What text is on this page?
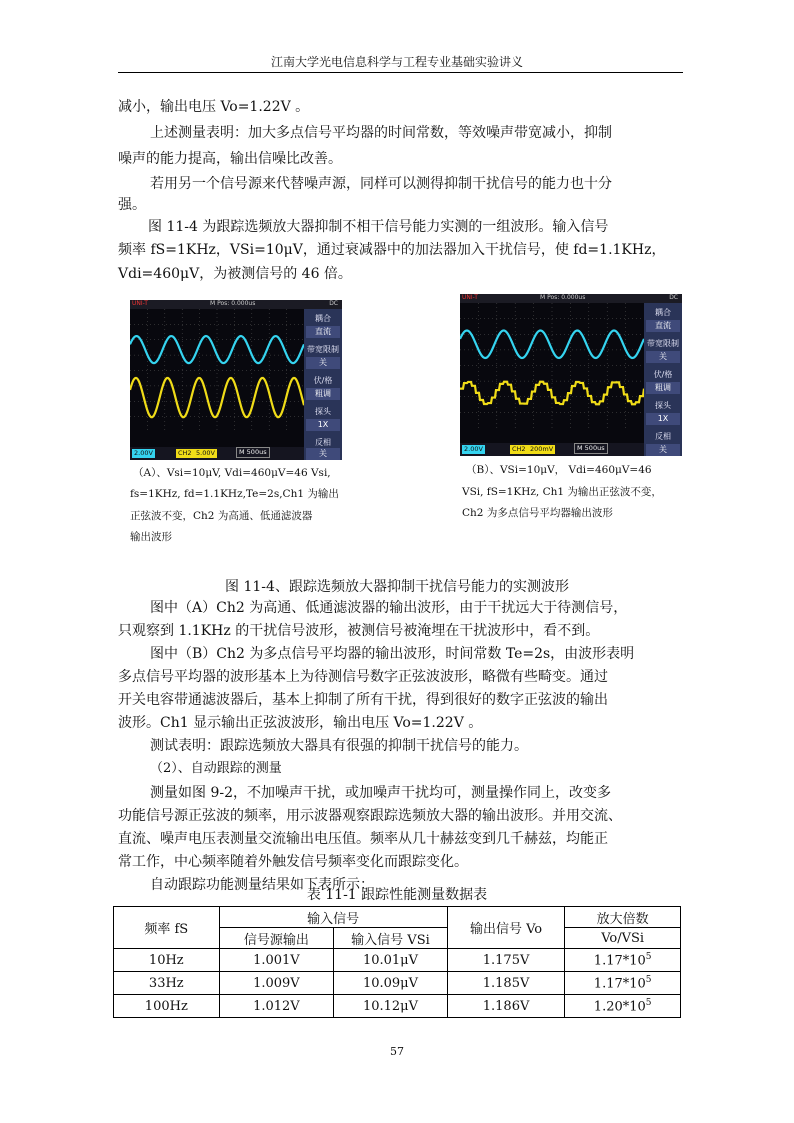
江南大学光电信息科学与工程专业基础实验讲义
减小，输出电压 Vo=1.22V 。
上述测量表明：加大多点信号平均器的时间常数，等效噪声带宽减小，抑制
噪声的能力提高，输出信噪比改善。
若用另一个信号源来代替噪声源，同样可以测得抑制干扰信号的能力也十分
强。
图 11-4 为跟踪选频放大器抑制不相干信号能力实测的一组波形。输入信号
频率 fS=1KHz，VSi=10μV，通过衰减器中的加法器加入干扰信号，使 fd=1.1KHz，
Vdi=460μV，为被测信号的 46 倍。
UNI-T	M Pos: 0.000us	DC
耦合
直流
带宽限制
关
伏/格
粗调
探头
1X
反相
关
2.00V	CH2 5.00V	M 500us
UNI-T	M Pos: 0.000us	DC
耦合
直流
带宽限制
关
伏/格
粗调
探头
1X
反相
关
2.00V	CH2 200mV	M 500us
（A）、Vsi=10μV, Vdi=460μV=46 Vsi,
fs=1KHz, fd=1.1KHz,Te=2s,Ch1 为输出
正弦波不变，Ch2 为高通、低通滤波器
输出波形
（B）、VSi=10μV， Vdi=460μV=46
VSi, fS=1KHz, Ch1 为输出正弦波不变，
Ch2 为多点信号平均器输出波形
图 11-4、跟踪选频放大器抑制干扰信号能力的实测波形
图中（A）Ch2 为高通、低通滤波器的输出波形，由于干扰远大于待测信号，
只观察到 1.1KHz 的干扰信号波形，被测信号被淹埋在干扰波形中，看不到。
图中（B）Ch2 为多点信号平均器的输出波形，时间常数 Te=2s，由波形表明
多点信号平均器的波形基本上为待测信号数字正弦波波形，略微有些畸变。通过
开关电容带通滤波器后，基本上抑制了所有干扰，得到很好的数字正弦波的输出
波形。Ch1 显示输出正弦波波形，输出电压 Vo=1.22V 。
测试表明：跟踪选频放大器具有很强的抑制干扰信号的能力。
（2）、自动跟踪的测量
测量如图 9-2，不加噪声干扰，或加噪声干扰均可，测量操作同上，改变多
功能信号源正弦波的频率，用示波器观察跟踪选频放大器的输出波形。并用交流、
直流、噪声电压表测量交流输出电压值。频率从几十赫兹变到几千赫兹，均能正
常工作，中心频率随着外触发信号频率变化而跟踪变化。
自动跟踪功能测量结果如下表所示：
表 11-1 跟踪性能测量数据表
频率 fS	输入信号		输出信号 Vo	放大倍数
	信号源输出	输入信号 VSi		Vo/VSi
10Hz	1.001V	10.01μV	1.175V	$1.17*10^5$
33Hz	1.009V	10.09μV	1.185V	$1.17*10^5$
100Hz	1.012V	10.12μV	1.186V	$1.20*10^5$
57
